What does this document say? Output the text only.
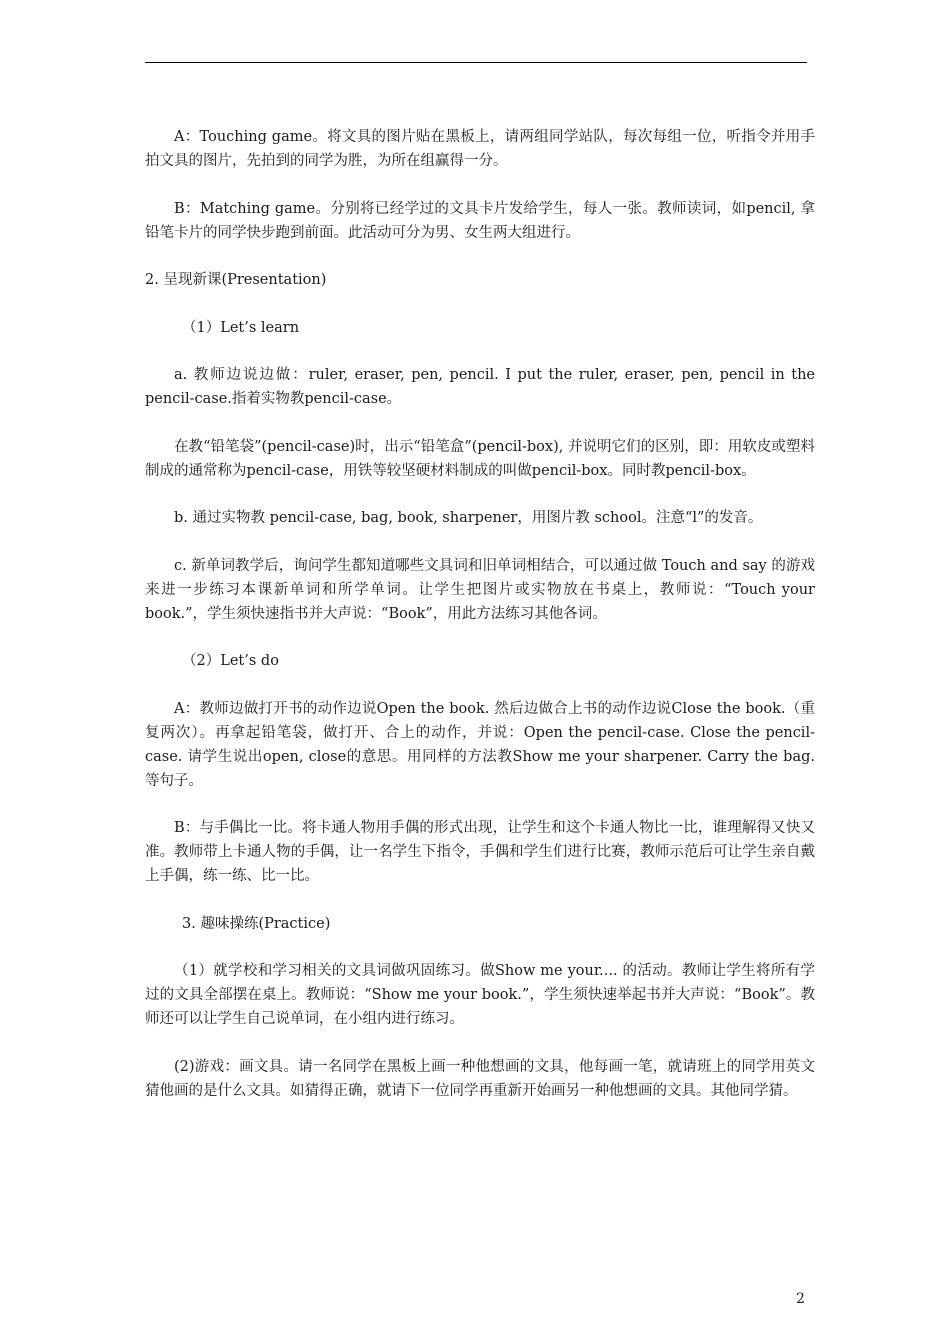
A：Touching game。将文具的图片贴在黑板上，请两组同学站队，每次每组一位，听指令并用手拍文具的图片，先拍到的同学为胜，为所在组赢得一分。

B：Matching game。分别将已经学过的文具卡片发给学生，每人一张。教师读词，如pencil, 拿铅笔卡片的同学快步跑到前面。此活动可分为男、女生两大组进行。

2. 呈现新课(Presentation)

（1）Let’s learn

a. 教师边说边做：ruler, eraser, pen, pencil. I put the ruler, eraser, pen, pencil in the pencil-case.指着实物教pencil-case。

在教“铅笔袋”(pencil-case)时，出示“铅笔盒”(pencil-box), 并说明它们的区别，即：用软皮或塑料制成的通常称为pencil-case，用铁等较坚硬材料制成的叫做pencil-box。同时教pencil-box。

b. 通过实物教 pencil-case, bag, book, sharpener，用图片教 school。注意“l”的发音。

c. 新单词教学后，询问学生都知道哪些文具词和旧单词相结合，可以通过做 Touch and say 的游戏来进一步练习本课新单词和所学单词。让学生把图片或实物放在书桌上，教师说：“Touch your book.”，学生须快速指书并大声说：“Book”，用此方法练习其他各词。

（2）Let’s do

A：教师边做打开书的动作边说Open the book. 然后边做合上书的动作边说Close the book.（重复两次）。再拿起铅笔袋，做打开、合上的动作，并说：Open the pencil-case. Close the pencil-case. 请学生说出open, close的意思。用同样的方法教Show me your sharpener. Carry the bag. 等句子。

B：与手偶比一比。将卡通人物用手偶的形式出现，让学生和这个卡通人物比一比，谁理解得又快又准。教师带上卡通人物的手偶，让一名学生下指令，手偶和学生们进行比赛，教师示范后可让学生亲自戴上手偶，练一练、比一比。

3. 趣味操练(Practice)

（1）就学校和学习相关的文具词做巩固练习。做Show me your.... 的活动。教师让学生将所有学过的文具全部摆在桌上。教师说：“Show me your book.”，学生须快速举起书并大声说：“Book”。教师还可以让学生自己说单词，在小组内进行练习。

(2)游戏：画文具。请一名同学在黑板上画一种他想画的文具，他每画一笔，就请班上的同学用英文猜他画的是什么文具。如猜得正确，就请下一位同学再重新开始画另一种他想画的文具。其他同学猜。

2
